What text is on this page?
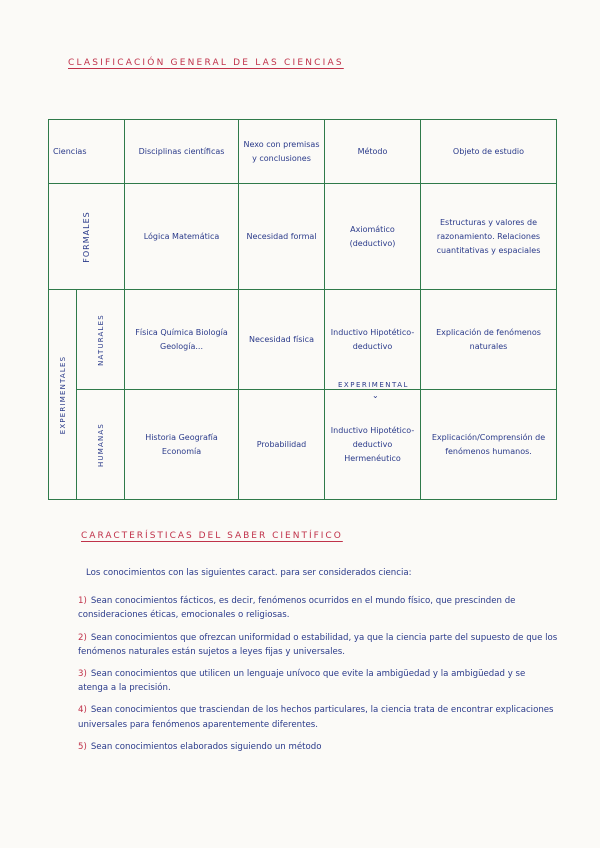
CLASIFICACIÓN GENERAL DE LAS CIENCIAS
Ciencias		Disciplinas científicas	Nexo con premisas y conclusiones	Método	Objeto de estudio

FORMALES		Lógica Matemática	Necesidad formal	Axiomático (deductivo)	Estructuras y valores de razonamiento. Relaciones cuantitativas y espaciales

EXPERIMENTALES	NATURALES	Física Química Biología Geología...	Necesidad física	Inductivo Hipotético-deductivo	Explicación de fenómenos naturales

	HUMANAS	Historia Geografía Economía	Probabilidad	Inductivo Hipotético-deductivo Hermenéutico	Explicación/Comprensión de fenómenos humanos.
EXPERIMENTAL
⌄
CARACTERÍSTICAS DEL SABER CIENTÍFICO

Los conocimientos con las siguientes caract. para ser considerados ciencia:

1) Sean conocimientos fácticos, es decir, fenómenos ocurridos en el mundo físico, que prescinden de consideraciones éticas, emocionales o religiosas.

2) Sean conocimientos que ofrezcan uniformidad o estabilidad, ya que la ciencia parte del supuesto de que los fenómenos naturales están sujetos a leyes fijas y universales.

3) Sean conocimientos que utilicen un lenguaje unívoco que evite la ambigüedad y la ambigüedad y se atenga a la precisión.

4) Sean conocimientos que trasciendan de los hechos particulares, la ciencia trata de encontrar explicaciones universales para fenómenos aparentemente diferentes.

5) Sean conocimientos elaborados siguiendo un método
